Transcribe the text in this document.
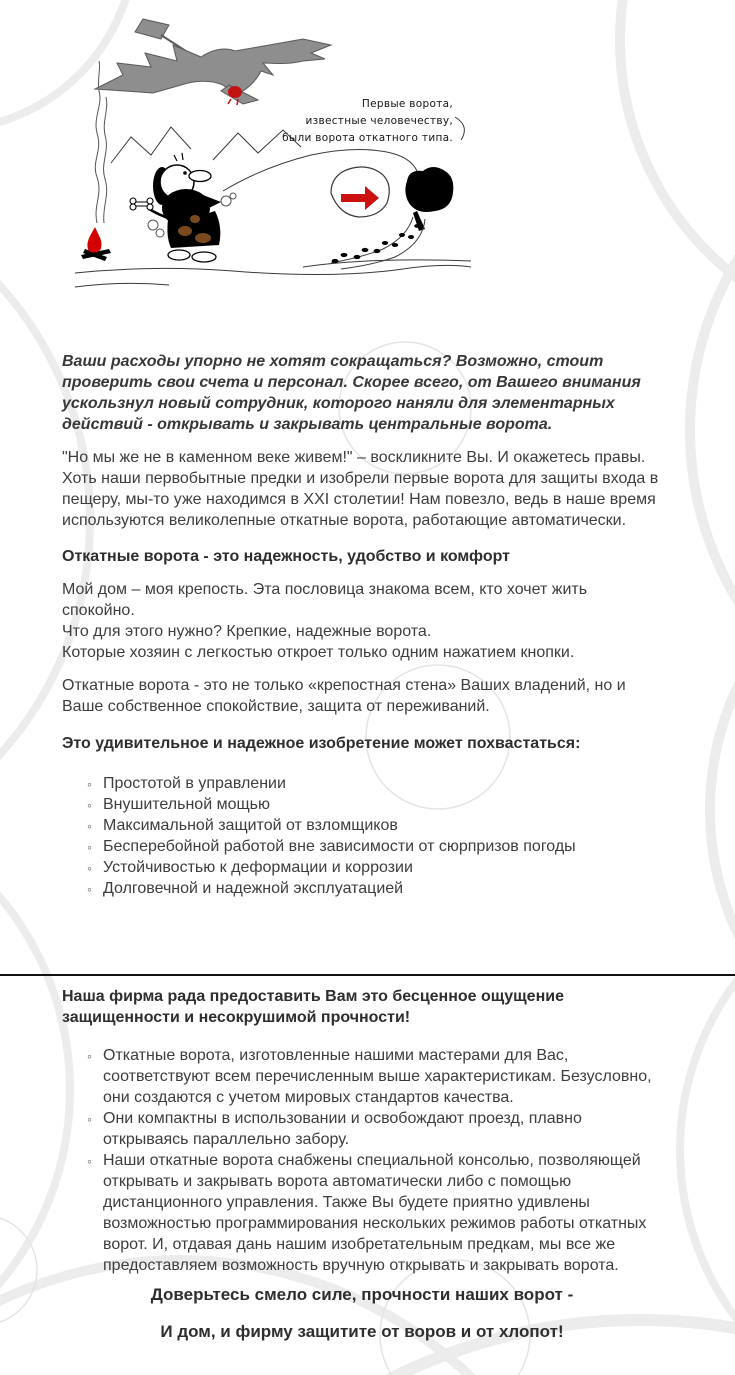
Первые ворота,
известные человечеству,
были ворота откатного типа.

Ваши расходы упорно не хотят сокращаться? Возможно, стоит проверить свои счета и персонал. Скорее всего, от Вашего внимания ускользнул новый сотрудник, которого наняли для элементарных действий - открывать и закрывать центральные ворота.

"Но мы же не в каменном веке живем!" – воскликните Вы. И окажетесь правы. Хоть наши первобытные предки и изобрели первые ворота для защиты входа в пещеру, мы-то уже находимся в XXI столетии! Нам повезло, ведь в наше время используются великолепные откатные ворота, работающие автоматически.

Откатные ворота - это надежность, удобство и комфорт

Мой дом – моя крепость. Эта пословица знакома всем, кто хочет жить спокойно.

Что для этого нужно? Крепкие, надежные ворота.

Которые хозяин с легкостью откроет только одним нажатием кнопки.

Откатные ворота - это не только «крепостная стена» Ваших владений, но и Ваше собственное спокойствие, защита от переживаний.

Это удивительное и надежное изобретение может похвастаться:

◦ Простотой в управлении
◦ Внушительной мощью
◦ Максимальной защитой от взломщиков
◦ Бесперебойной работой вне зависимости от сюрпризов погоды
◦ Устойчивостью к деформации и коррозии
◦ Долговечной и надежной эксплуатацией

Наша фирма рада предоставить Вам это бесценное ощущение защищенности и несокрушимой прочности!

◦ Откатные ворота, изготовленные нашими мастерами для Вас, соответствуют всем перечисленным выше характеристикам. Безусловно, они создаются с учетом мировых стандартов качества.
◦ Они компактны в использовании и освобождают проезд, плавно открываясь параллельно забору.
◦ Наши откатные ворота снабжены специальной консолью, позволяющей открывать и закрывать ворота автоматически либо с помощью дистанционного управления. Также Вы будете приятно удивлены возможностью программирования нескольких режимов работы откатных ворот. И, отдавая дань нашим изобретательным предкам, мы все же предоставляем возможность вручную открывать и закрывать ворота.

Доверьтесь смело силе, прочности наших ворот -

И дом, и фирму защитите от воров и от хлопот!
